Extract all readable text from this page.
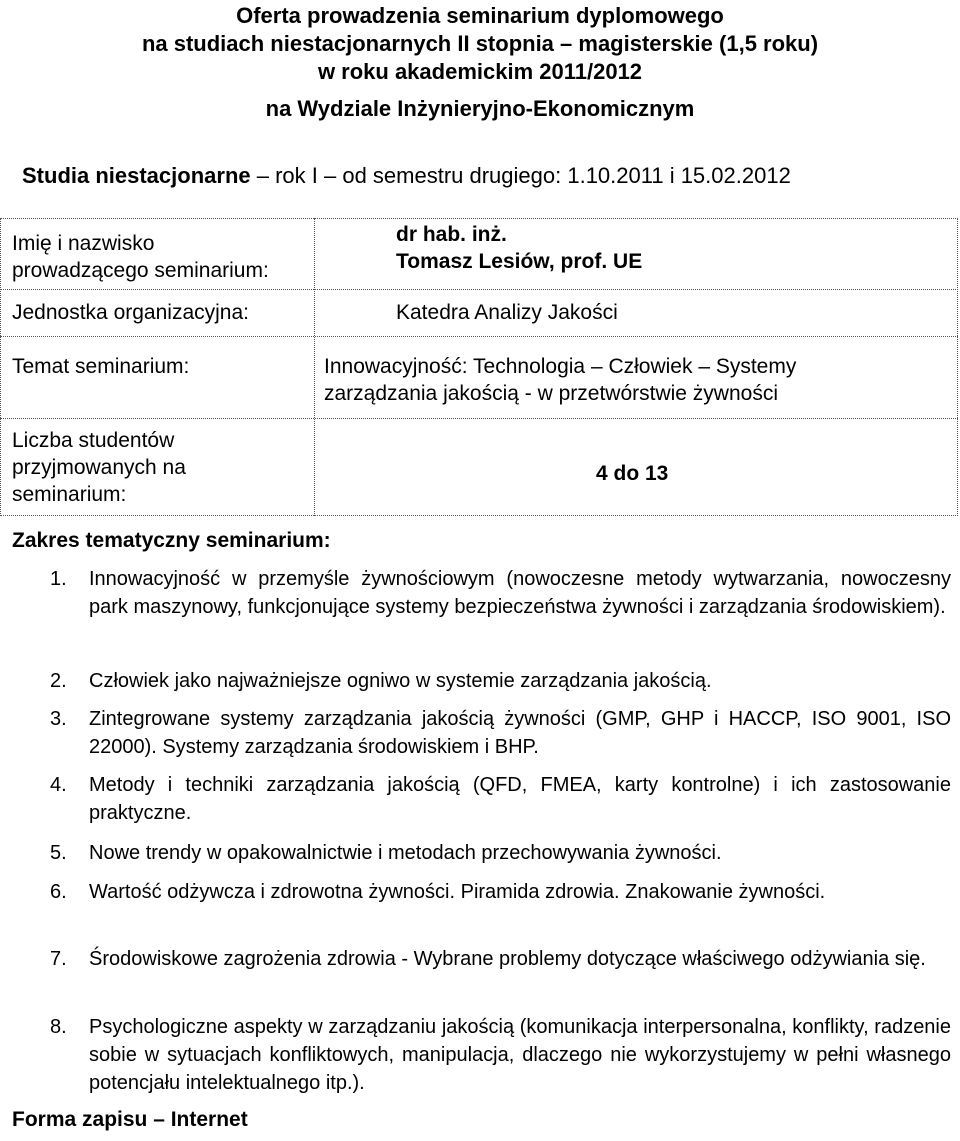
Oferta prowadzenia seminarium dyplomowego
na studiach niestacjonarnych II stopnia – magisterskie (1,5 roku)
w roku akademickim 2011/2012
na Wydziale Inżynieryjno-Ekonomicznym
Studia niestacjonarne – rok I – od semestru drugiego: 1.10.2011 i 15.02.2012
Imię i nazwisko
prowadzącego seminarium:
dr hab. inż.
Tomasz Lesiów, prof. UE
Jednostka organizacyjna:	Katedra Analizy Jakości
Temat seminarium:	Innowacyjność: Technologia – Człowiek – Systemy
zarządzania jakością - w przetwórstwie żywności
Liczba studentów
przyjmowanych na
seminarium:
4 do 13
Zakres tematyczny seminarium:
1. Innowacyjność w przemyśle żywnościowym (nowoczesne metody wytwarzania, nowoczesny park maszynowy, funkcjonujące systemy bezpieczeństwa żywności i zarządzania środowiskiem).
2. Człowiek jako najważniejsze ogniwo w systemie zarządzania jakością.
3. Zintegrowane systemy zarządzania jakością żywności (GMP, GHP i HACCP, ISO 9001, ISO 22000). Systemy zarządzania środowiskiem i BHP.
4. Metody i techniki zarządzania jakością (QFD, FMEA, karty kontrolne) i ich zastosowanie praktyczne.
5. Nowe trendy w opakowalnictwie i metodach przechowywania żywności.
6. Wartość odżywcza i zdrowotna żywności. Piramida zdrowia. Znakowanie żywności.
7. Środowiskowe zagrożenia zdrowia - Wybrane problemy dotyczące właściwego odżywiania się.
8. Psychologiczne aspekty w zarządzaniu jakością (komunikacja interpersonalna, konflikty, radzenie sobie w sytuacjach konfliktowych, manipulacja, dlaczego nie wykorzystujemy w pełni własnego potencjału intelektualnego itp.).
Forma zapisu – Internet
